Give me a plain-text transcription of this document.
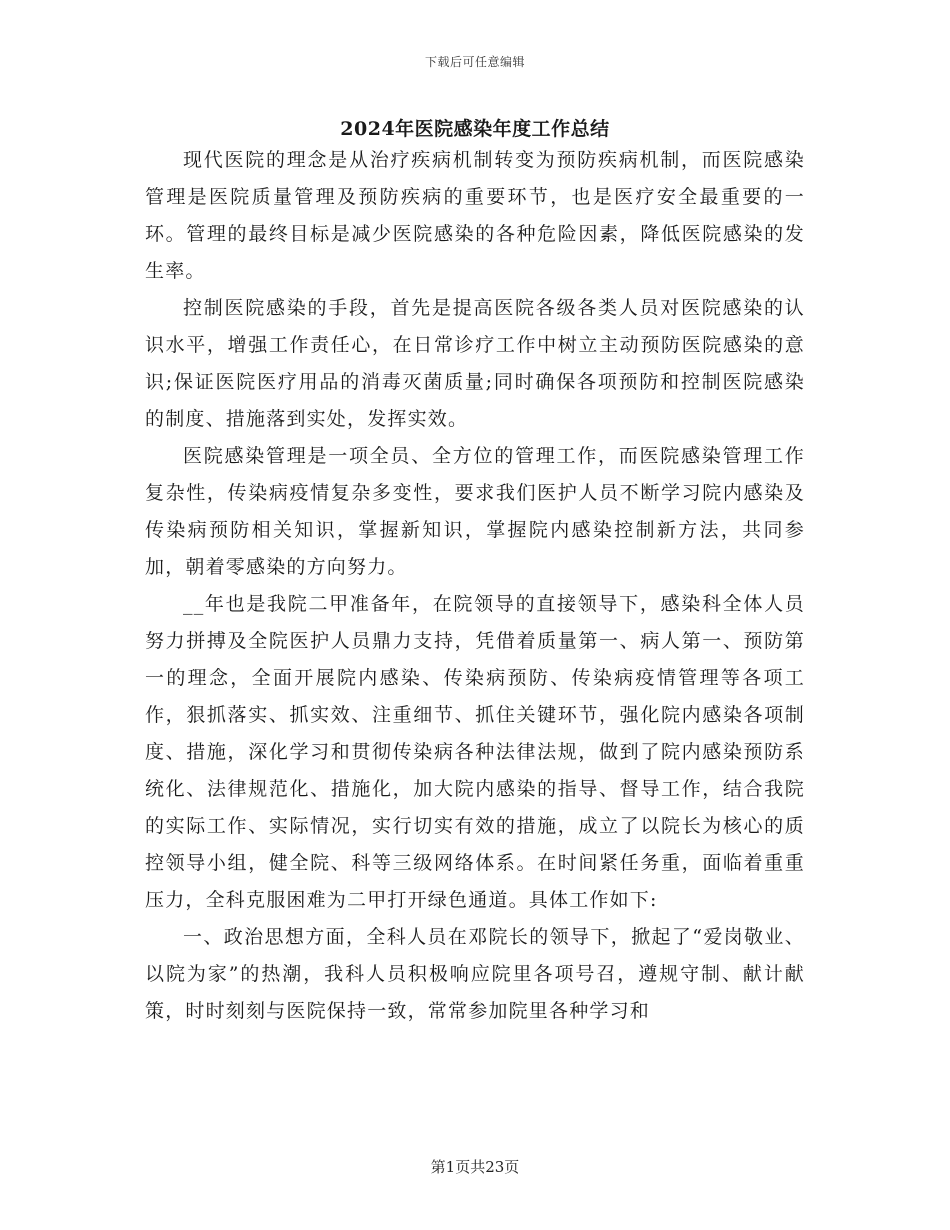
下载后可任意编辑
2024年医院感染年度工作总结

现代医院的理念是从治疗疾病机制转变为预防疾病机制，而医院感染管理是医院质量管理及预防疾病的重要环节，也是医疗安全最重要的一环。管理的最终目标是减少医院感染的各种危险因素，降低医院感染的发生率。

控制医院感染的手段，首先是提高医院各级各类人员对医院感染的认识水平，增强工作责任心，在日常诊疗工作中树立主动预防医院感染的意识;保证医院医疗用品的消毒灭菌质量;同时确保各项预防和控制医院感染的制度、措施落到实处，发挥实效。

医院感染管理是一项全员、全方位的管理工作，而医院感染管理工作复杂性，传染病疫情复杂多变性，要求我们医护人员不断学习院内感染及传染病预防相关知识，掌握新知识，掌握院内感染控制新方法，共同参加，朝着零感染的方向努力。

__年也是我院二甲准备年，在院领导的直接领导下，感染科全体人员努力拼搏及全院医护人员鼎力支持，凭借着质量第一、病人第一、预防第一的理念，全面开展院内感染、传染病预防、传染病疫情管理等各项工作，狠抓落实、抓实效、注重细节、抓住关键环节，强化院内感染各项制度、措施，深化学习和贯彻传染病各种法律法规，做到了院内感染预防系统化、法律规范化、措施化，加大院内感染的指导、督导工作，结合我院的实际工作、实际情况，实行切实有效的措施，成立了以院长为核心的质控领导小组，健全院、科等三级网络体系。在时间紧任务重，面临着重重压力，全科克服困难为二甲打开绿色通道。具体工作如下:

一、政治思想方面，全科人员在邓院长的领导下，掀起了“爱岗敬业、以院为家”的热潮，我科人员积极响应院里各项号召，遵规守制、献计献策，时时刻刻与医院保持一致，常常参加院里各种学习和

第1页共23页
